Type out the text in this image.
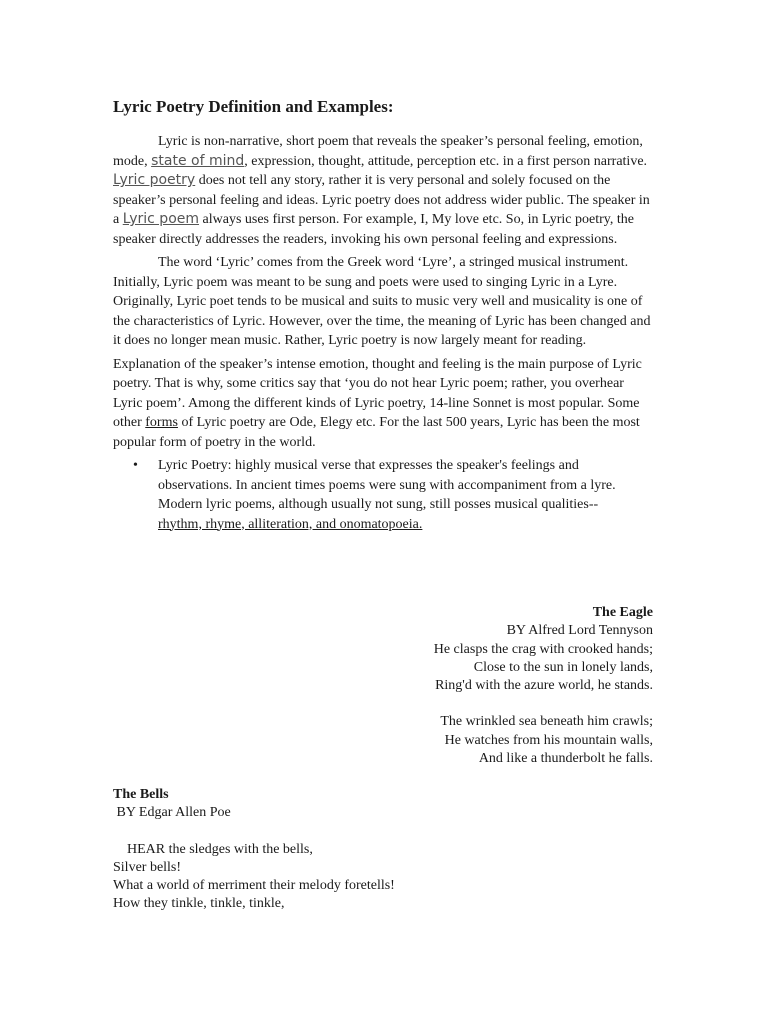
Lyric Poetry Definition and Examples:

Lyric is non-narrative, short poem that reveals the speaker’s personal feeling, emotion, mode, state of mind, expression, thought, attitude, perception etc. in a first person narrative. Lyric poetry does not tell any story, rather it is very personal and solely focused on the speaker’s personal feeling and ideas. Lyric poetry does not address wider public. The speaker in a Lyric poem always uses first person. For example, I, My love etc. So, in Lyric poetry, the speaker directly addresses the readers, invoking his own personal feeling and expressions.

The word ‘Lyric’ comes from the Greek word ‘Lyre’, a stringed musical instrument. Initially, Lyric poem was meant to be sung and poets were used to singing Lyric in a Lyre. Originally, Lyric poet tends to be musical and suits to music very well and musicality is one of the characteristics of Lyric. However, over the time, the meaning of Lyric has been changed and it does no longer mean music. Rather, Lyric poetry is now largely meant for reading.

Explanation of the speaker’s intense emotion, thought and feeling is the main purpose of Lyric poetry. That is why, some critics say that ‘you do not hear Lyric poem; rather, you overhear Lyric poem’. Among the different kinds of Lyric poetry, 14-line Sonnet is most popular. Some other forms of Lyric poetry are Ode, Elegy etc. For the last 500 years, Lyric has been the most popular form of poetry in the world.

•	Lyric Poetry: highly musical verse that expresses the speaker's feelings and observations. In ancient times poems were sung with accompaniment from a lyre. Modern lyric poems, although usually not sung, still posses musical qualities--
rhythm, rhyme, alliteration, and onomatopoeia.
The Eagle
BY Alfred Lord Tennyson
He clasps the crag with crooked hands;
Close to the sun in lonely lands,
Ring'd with the azure world, he stands.
The wrinkled sea beneath him crawls;
He watches from his mountain walls,
And like a thunderbolt he falls.
The Bells
BY Edgar Allen Poe
HEAR the sledges with the bells,
Silver bells!
What a world of merriment their melody foretells!
How they tinkle, tinkle, tinkle,
